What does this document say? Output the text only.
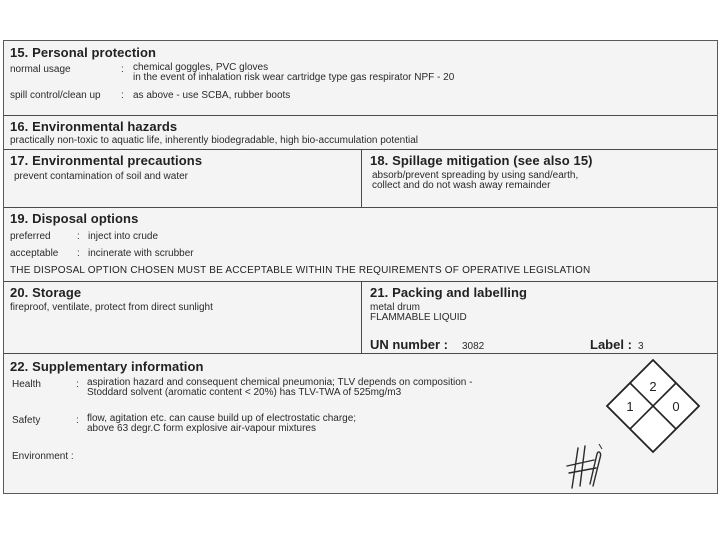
15. Personal protection
normal usage	: chemical goggles, PVC gloves
in the event of inhalation risk wear cartridge type gas respirator NPF - 20
spill control/clean up : as above - use SCBA, rubber boots
16. Environmental hazards
practically non-toxic to aquatic life, inherently biodegradable, high bio-accumulation potential
17. Environmental precautions
prevent contamination of soil and water
18. Spillage mitigation (see also 15)
absorb/prevent spreading by using sand/earth,
collect and do not wash away remainder
19. Disposal options
preferred	: inject into crude
acceptable : incinerate with scrubber
THE DISPOSAL OPTION CHOSEN MUST BE ACCEPTABLE WITHIN THE REQUIREMENTS OF OPERATIVE LEGISLATION
20. Storage
fireproof, ventilate, protect from direct sunlight
21. Packing and labelling
metal drum
FLAMMABLE LIQUID
UN number : 3082	Label : 3
22. Supplementary information
Health	: aspiration hazard and consequent chemical pneumonia; TLV depends on composition -
Stoddard solvent (aromatic content < 20%) has TLV-TWA of 525mg/m3
Safety	: flow, agitation etc. can cause build up of electrostatic charge;
above 63 degr.C form explosive air-vapour mixtures
Environment :
2
1	0
